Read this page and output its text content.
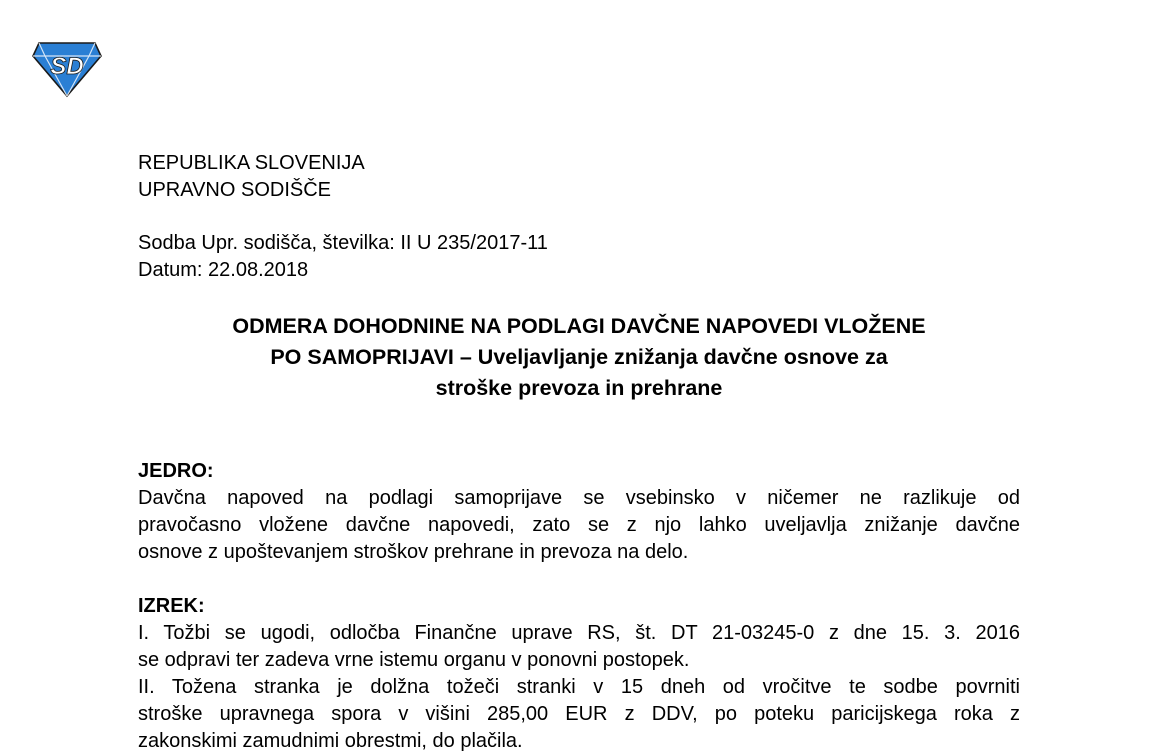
SD
REPUBLIKA SLOVENIJA
UPRAVNO SODIŠČE
Sodba Upr. sodišča, številka: II U 235/2017-11
Datum: 22.08.2018
ODMERA DOHODNINE NA PODLAGI DAVČNE NAPOVEDI VLOŽENE
PO SAMOPRIJAVI – Uveljavljanje znižanja davčne osnove za
stroške prevoza in prehrane
JEDRO:
Davčna napoved na podlagi samoprijave se vsebinsko v ničemer ne razlikuje od
pravočasno vložene davčne napovedi, zato se z njo lahko uveljavlja znižanje davčne
osnove z upoštevanjem stroškov prehrane in prevoza na delo.
IZREK:
I. Tožbi se ugodi, odločba Finančne uprave RS, št. DT 21-03245-0 z dne 15. 3. 2016
se odpravi ter zadeva vrne istemu organu v ponovni postopek.
II. Tožena stranka je dolžna tožeči stranki v 15 dneh od vročitve te sodbe povrniti
stroške upravnega spora v višini 285,00 EUR z DDV, po poteku paricijskega roka z
zakonskimi zamudnimi obrestmi, do plačila.
